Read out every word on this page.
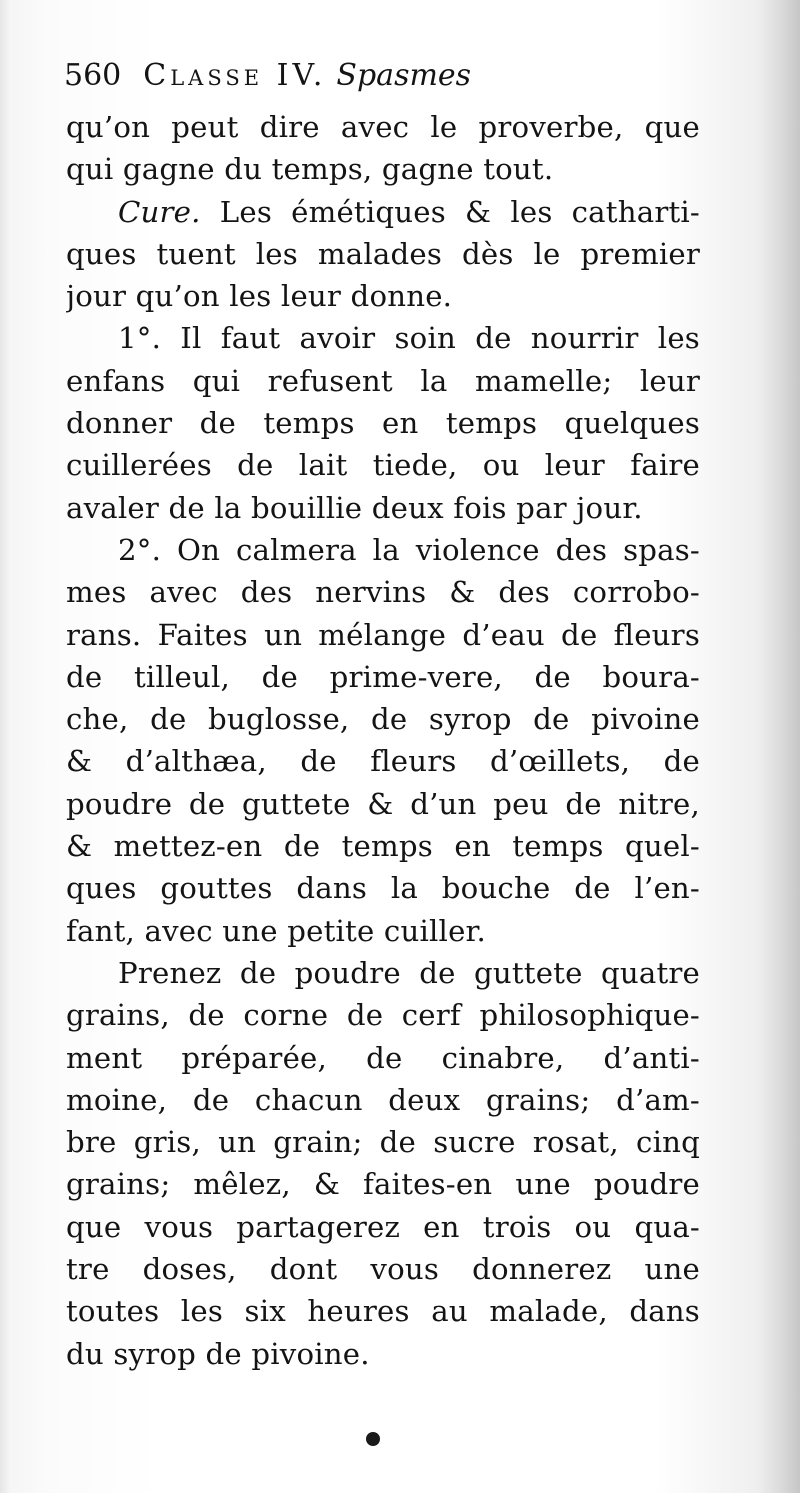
560 Classe IV. Spasmes
qu’on peut dire avec le proverbe, que
qui gagne du temps, gagne tout.
Cure. Les émétiques & les catharti-
ques tuent les malades dès le premier
jour qu’on les leur donne.
1°. Il faut avoir soin de nourrir les
enfans qui refusent la mamelle; leur
donner de temps en temps quelques
cuillerées de lait tiede, ou leur faire
avaler de la bouillie deux fois par jour.
2°. On calmera la violence des spas-
mes avec des nervins & des corrobo-
rans. Faites un mélange d’eau de fleurs
de tilleul, de prime-vere, de boura-
che, de buglosse, de syrop de pivoine
& d’althæa, de fleurs d’œillets, de
poudre de guttete & d’un peu de nitre,
& mettez-en de temps en temps quel-
ques gouttes dans la bouche de l’en-
fant, avec une petite cuiller.
Prenez de poudre de guttete quatre
grains, de corne de cerf philosophique-
ment préparée, de cinabre, d’anti-
moine, de chacun deux grains; d’am-
bre gris, un grain; de sucre rosat, cinq
grains; mêlez, & faites-en une poudre
que vous partagerez en trois ou qua-
tre doses, dont vous donnerez une
toutes les six heures au malade, dans
du syrop de pivoine.
